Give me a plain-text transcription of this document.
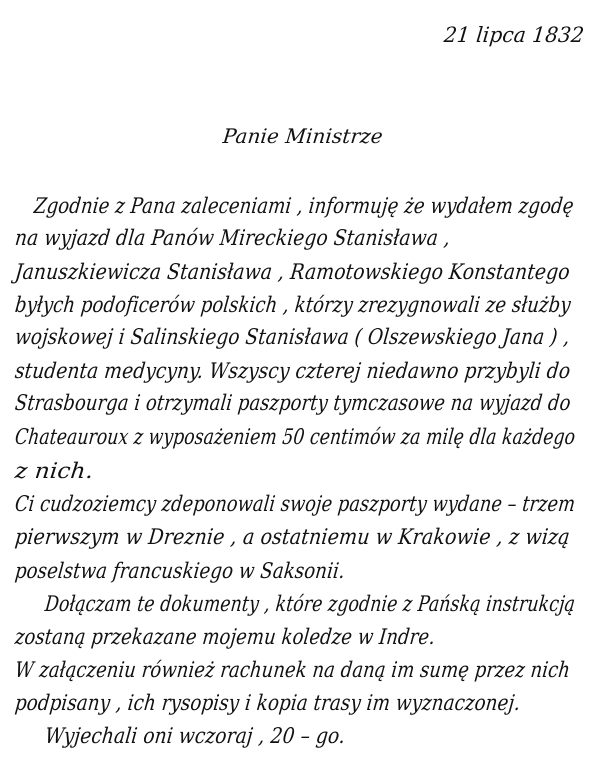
21 lipca 1832
Panie Ministrze
Zgodnie z Pana zaleceniami , informuję że wydałem zgodę
na wyjazd dla Panów Mireckiego Stanisława ,
Januszkiewicza Stanisława , Ramotowskiego Konstantego
byłych podoficerów polskich , którzy zrezygnowali ze służby
wojskowej i Salinskiego Stanisława ( Olszewskiego Jana ) ,
studenta medycyny. Wszyscy czterej niedawno przybyli do
Strasbourga i otrzymali paszporty tymczasowe na wyjazd do
Chateauroux z wyposażeniem 50 centimów za milę dla każdego
z nich.
Ci cudzoziemcy zdeponowali swoje paszporty wydane – trzem
pierwszym w Dreznie , a ostatniemu w Krakowie , z wizą
poselstwa francuskiego w Saksonii.
Dołączam te dokumenty , które zgodnie z Pańską instrukcją
zostaną przekazane mojemu koledze w Indre.
W załączeniu również rachunek na daną im sumę przez nich
podpisany , ich rysopisy i kopia trasy im wyznaczonej.
Wyjechali oni wczoraj , 20 – go.
